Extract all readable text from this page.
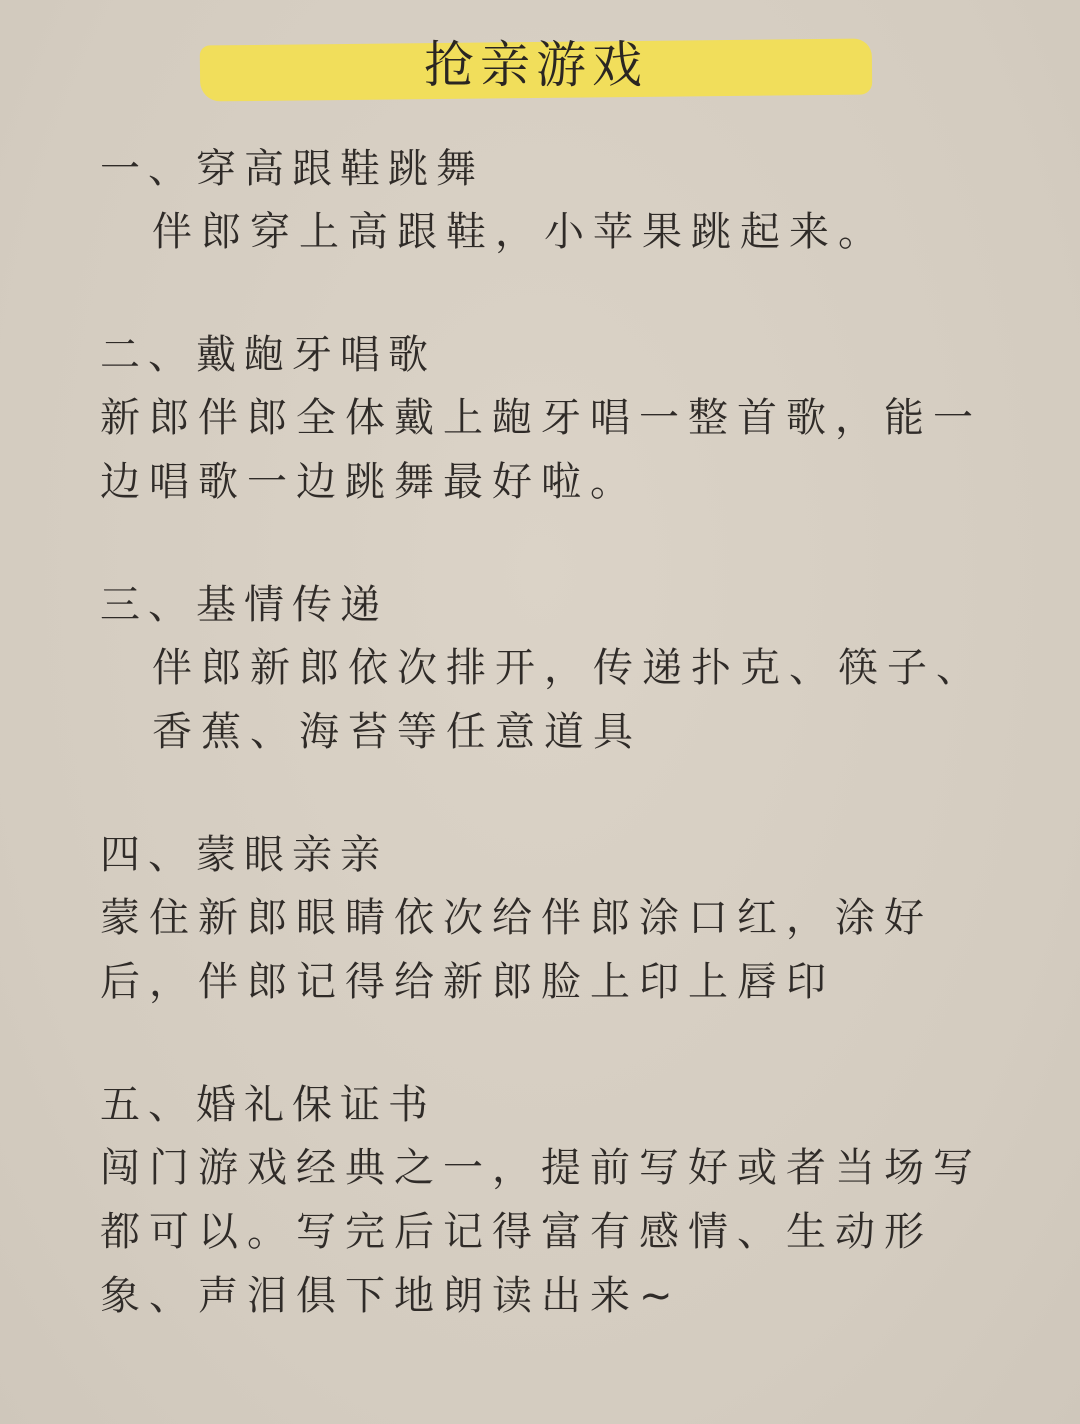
抢亲游戏
一、穿高跟鞋跳舞
伴郎穿上高跟鞋，小苹果跳起来。
二、戴龅牙唱歌
新郎伴郎全体戴上龅牙唱一整首歌，能一边唱歌一边跳舞最好啦。
三、基情传递
伴郎新郎依次排开，传递扑克、筷子、香蕉、海苔等任意道具
四、蒙眼亲亲
蒙住新郎眼睛依次给伴郎涂口红，涂好后，伴郎记得给新郎脸上印上唇印
五、婚礼保证书
闯门游戏经典之一，提前写好或者当场写都可以。写完后记得富有感情、生动形象、声泪俱下地朗读出来~
